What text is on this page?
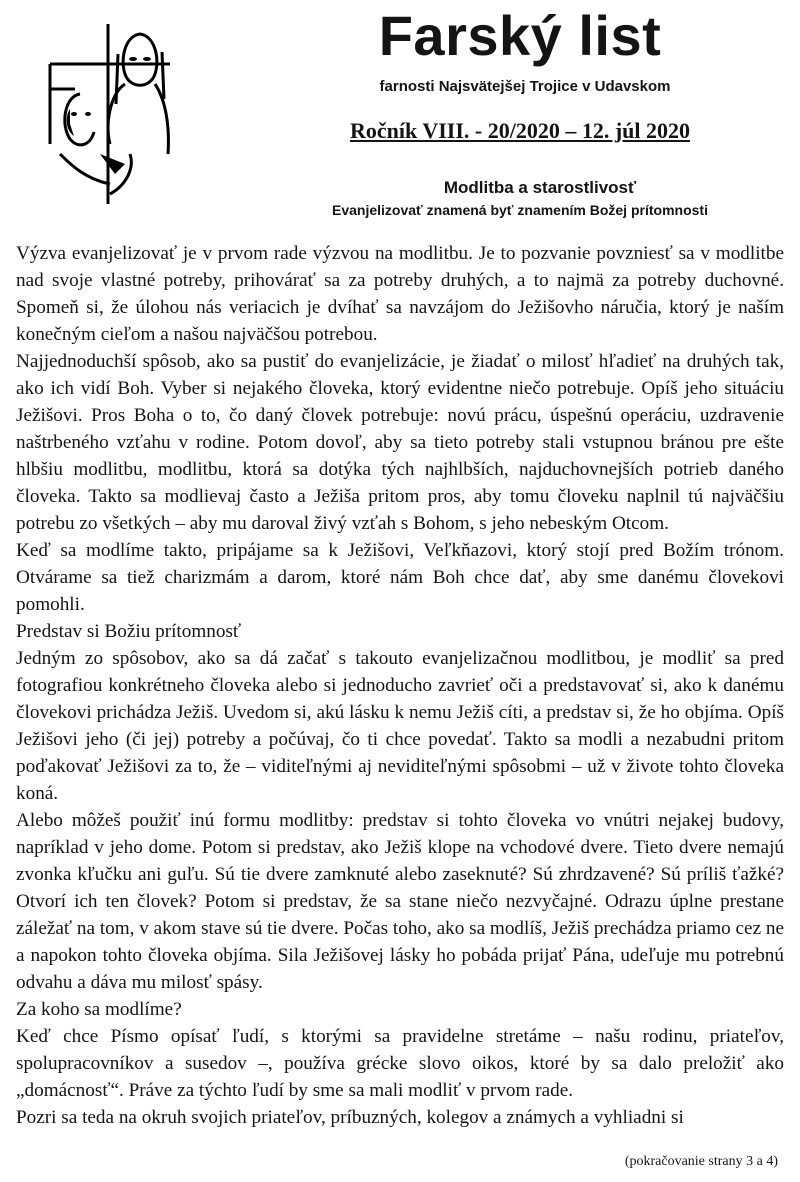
Farský list
farnosti Najsvätejšej Trojice v Udavskom
Ročník VIII. - 20/2020 – 12. júl 2020
Modlitba a starostlivosť
Evanjelizovať znamená byť znamením Božej prítomnosti

Výzva evanjelizovať je v prvom rade výzvou na modlitbu. Je to pozvanie povzniesť sa v modlitbe nad svoje vlastné potreby, prihovárať sa za potreby druhých, a to najmä za potreby duchovné. Spomeň si, že úlohou nás veriacich je dvíhať sa navzájom do Ježišovho náručia, ktorý je naším konečným cieľom a našou najväčšou potrebou.

Najjednoduchší spôsob, ako sa pustiť do evanjelizácie, je žiadať o milosť hľadieť na druhých tak, ako ich vidí Boh. Vyber si nejakého človeka, ktorý evidentne niečo potrebuje. Opíš jeho situáciu Ježišovi. Pros Boha o to, čo daný človek potrebuje: novú prácu, úspešnú operáciu, uzdravenie naštrbeného vzťahu v rodine. Potom dovoľ, aby sa tieto potreby stali vstupnou bránou pre ešte hlbšiu modlitbu, modlitbu, ktorá sa dotýka tých najhlbších, najduchovnejších potrieb daného človeka. Takto sa modlievaj často a Ježiša pritom pros, aby tomu človeku naplnil tú najväčšiu potrebu zo všetkých – aby mu daroval živý vzťah s Bohom, s jeho nebeským Otcom.

Keď sa modlíme takto, pripájame sa k Ježišovi, Veľkňazovi, ktorý stojí pred Božím trónom. Otvárame sa tiež charizmám a darom, ktoré nám Boh chce dať, aby sme danému človekovi pomohli.

Predstav si Božiu prítomnosť

Jedným zo spôsobov, ako sa dá začať s takouto evanjelizačnou modlitbou, je modliť sa pred fotografiou konkrétneho človeka alebo si jednoducho zavrieť oči a predstavovať si, ako k danému človekovi prichádza Ježiš. Uvedom si, akú lásku k nemu Ježiš cíti, a predstav si, že ho objíma. Opíš Ježišovi jeho (či jej) potreby a počúvaj, čo ti chce povedať. Takto sa modli a nezabudni pritom poďakovať Ježišovi za to, že – viditeľnými aj neviditeľnými spôsobmi – už v živote tohto človeka koná.

Alebo môžeš použiť inú formu modlitby: predstav si tohto človeka vo vnútri nejakej budovy, napríklad v jeho dome. Potom si predstav, ako Ježiš klope na vchodové dvere. Tieto dvere nemajú zvonka kľučku ani guľu. Sú tie dvere zamknuté alebo zaseknuté? Sú zhrdzavené? Sú príliš ťažké? Otvorí ich ten človek? Potom si predstav, že sa stane niečo nezvyčajné. Odrazu úplne prestane záležať na tom, v akom stave sú tie dvere. Počas toho, ako sa modlíš, Ježiš prechádza priamo cez ne a napokon tohto človeka objíma. Sila Ježišovej lásky ho pobáda prijať Pána, udeľuje mu potrebnú odvahu a dáva mu milosť spásy.

Za koho sa modlíme?

Keď chce Písmo opísať ľudí, s ktorými sa pravidelne stretáme – našu rodinu, priateľov, spolupracovníkov a susedov –, používa grécke slovo oikos, ktoré by sa dalo preložiť ako „domácnosť“. Práve za týchto ľudí by sme sa mali modliť v prvom rade.

Pozri sa teda na okruh svojich priateľov, príbuzných, kolegov a známych a vyhliadni si

(pokračovanie strany 3 a 4)
